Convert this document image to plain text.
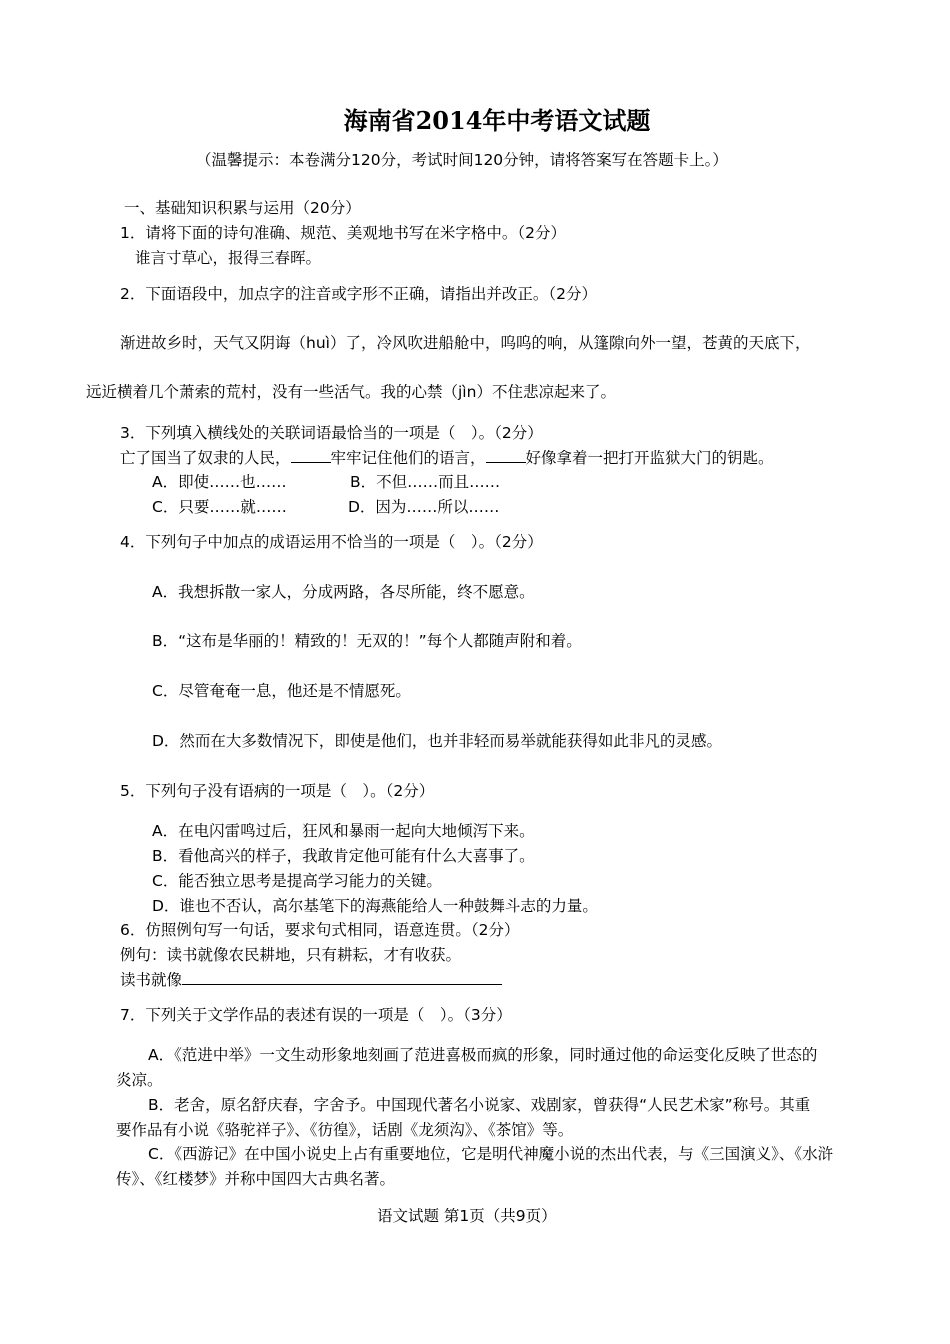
海南省2014年中考语文试题
（温馨提示：本卷满分120分，考试时间120分钟，请将答案写在答题卡上。）
一、基础知识积累与运用（20分）
1．请将下面的诗句准确、规范、美观地书写在米字格中。（2分）
谁言寸草心，报得三春晖。
2．下面语段中，加点字的注音或字形不正确，请指出并改正。（2分）
渐进故乡时，天气又阴诲（huì）了，冷风吹进船舱中，呜呜的响，从篷隙向外一望，苍黄的天底下，
远近横着几个萧索的荒村，没有一些活气。我的心禁（jìn）不住悲凉起来了。
3．下列填入横线处的关联词语最恰当的一项是（　）。（2分）
亡了国当了奴隶的人民，	牢牢记住他们的语言，	好像拿着一把打开监狱大门的钥匙。
A．即使……也……	B．不但……而且……
C．只要……就……	D．因为……所以……
4．下列句子中加点的成语运用不恰当的一项是（　）。（2分）
A．我想拆散一家人，分成两路，各尽所能，终不愿意。
B．“这布是华丽的！精致的！无双的！”每个人都随声附和着。
C．尽管奄奄一息，他还是不情愿死。
D．然而在大多数情况下，即使是他们，也并非轻而易举就能获得如此非凡的灵感。
5．下列句子没有语病的一项是（　）。（2分）
A．在电闪雷鸣过后，狂风和暴雨一起向大地倾泻下来。
B．看他高兴的样子，我敢肯定他可能有什么大喜事了。
C．能否独立思考是提高学习能力的关键。
D．谁也不否认，高尔基笔下的海燕能给人一种鼓舞斗志的力量。
6．仿照例句写一句话，要求句式相同，语意连贯。（2分）
例句：读书就像农民耕地，只有耕耘，才有收获。
读书就像
7．下列关于文学作品的表述有误的一项是（　）。（3分）
A．《范进中举》一文生动形象地刻画了范进喜极而疯的形象，同时通过他的命运变化反映了世态的
炎凉。
B．老舍，原名舒庆春，字舍予。中国现代著名小说家、戏剧家，曾获得“人民艺术家”称号。其重
要作品有小说《骆驼祥子》、《彷徨》，话剧《龙须沟》、《茶馆》等。
C．《西游记》在中国小说史上占有重要地位，它是明代神魔小说的杰出代表，与《三国演义》、《水浒
传》、《红楼梦》并称中国四大古典名著。
语文试题 第1页（共9页）
